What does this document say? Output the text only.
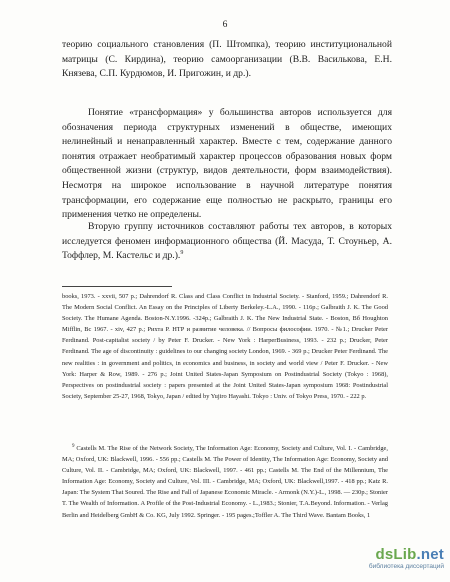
6

теорию социального становления (П. Штомпка), теорию институциональной матрицы (С. Кирдина), теорию самоорганизации (В.В. Василькова, Е.Н. Князева, С.П. Курдюмов, И. Пригожин, и др.).

Понятие «трансформация» у большинства авторов используется для обозначения периода структурных изменений в обществе, имеющих нелинейный и ненаправленный характер. Вместе с тем, содержание данного понятия отражает необратимый характер процессов образования новых форм общественной жизни (структур, видов деятельности, форм взаимодействия). Несмотря на широкое использование в научной литературе понятия трансформации, его содержание еще полностью не раскрыто, границы его применения четко не определены.

Вторую группу источников составляют работы тех авторов, в которых исследуется феномен информационного общества (Й. Масуда, Т. Стоуньер, А. Тоффлер, М. Кастельс и др.).$^9$

books, 1973. - xxvii, 507 p.; Dahrendorf R. Class and Class Conflict in Industrial Society. - Stanford, 1959.; Dahrendorf R. The Modern Social Conflict. An Essay on the Principles of Liberty Berkeley.-L.A., 1990. - 116p.; Galbraith J. K. The Good Society. The Humane Agenda. Boston-N.Y.1996. -324p.; Galbraith J. K. The New Industrial State. - Boston, Bб Houghton Mifflin, Bс 1967. - xiv, 427 p.; Рихта Р. НТР и развитие человека. // Вопросы философии. 1970. - №1.; Drucker Peter Ferdinand. Post-capitalist society / by Peter F. Drucker. - New York : HarperBusiness, 1993. - 232 p.; Drucker, Peter Ferdinand. The age of discontinuity : guidelines to our changing society London, 1969. - 369 p.; Drucker Peter Ferdinand. The new realities : in government and politics, in economics and business, in society and world view / Peter F. Drucker. - New York: Harper & Row, 1989. - 276 p.; Joint United States-Japan Symposium on Postindustrial Society (Tokyo : 1968), Perspectives on postindustrial society : papers presented at the Joint United States-Japan symposium 1968: Postindustrial Society, September 25-27, 1968, Tokyo, Japan / edited by Yujiro Hayashi. Tokyo : Univ. of Tokyo Press, 1970. - 222 p.

$^9$ Castells M. The Rise of the Network Society, The Information Age: Economy, Society and Culture, Vol. I. - Cambridge, MA; Oxford, UK: Blackwell, 1996. - 556 pp.; Castells M. The Power of Identity, The Information Age: Economy, Society and Culture, Vol. II. - Cambridge, MA; Oxford, UK: Blackwell, 1997. - 461 pp.; Castells M. The End of the Millennium, The Information Age: Economy, Society and Culture, Vol. III. - Cambridge, MA; Oxford, UK: Blackwell,1997. - 418 pp.; Katz R. Japan: The System That Soured. The Rise and Fall of Japanese Economic Miracle. - Armonk (N.Y.)-L., 1998. — 230p.; Stonier T. The Wealth of Information. A Profile of the Post-Industrial Economy. - L.,1983.; Stonier, T.A.Beyond. Information. - Verlag Berlin and Heidelberg GmbH & Co. KG, July 1992. Springer. - 195 pages.;Toffler A. The Third Wave. Bantam Books, 1

dsLib.net
библиотека диссертаций
